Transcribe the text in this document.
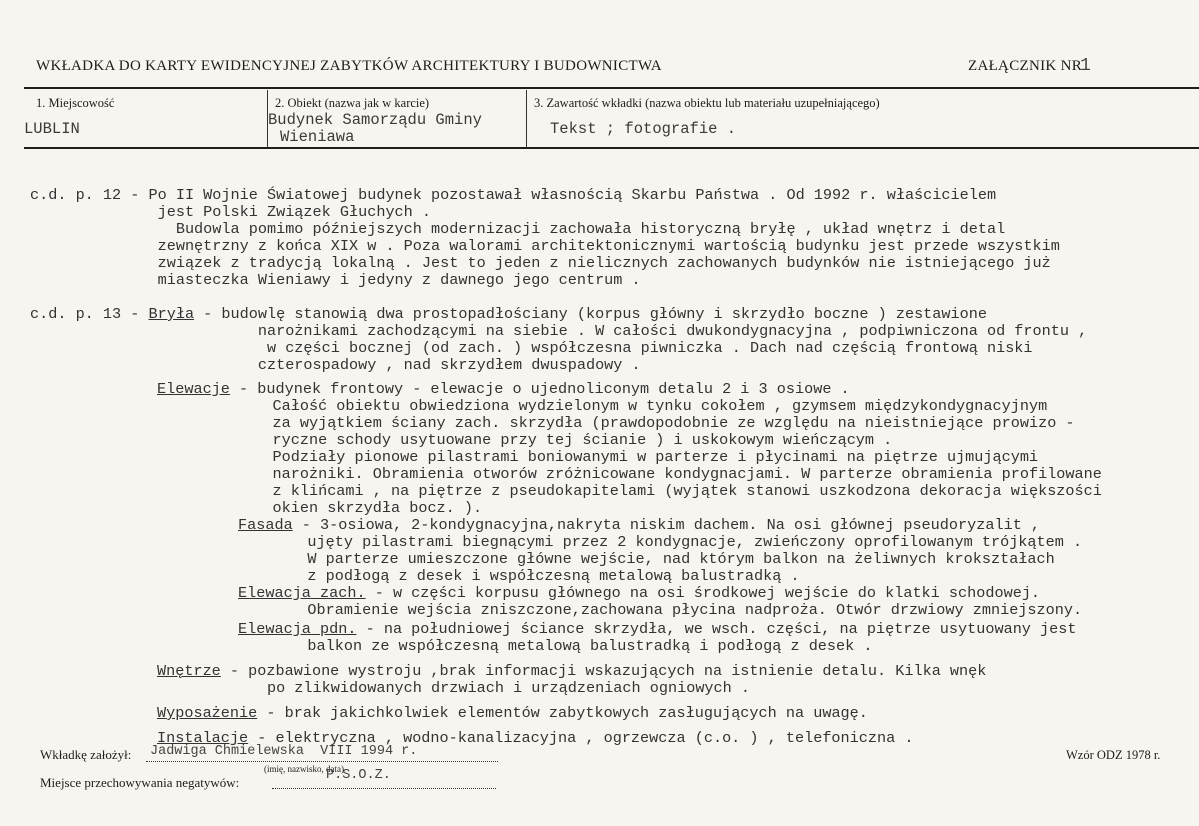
WKŁADKA DO KARTY EWIDENCYJNEJ ZABYTKÓW ARCHITEKTURY I BUDOWNICTWA	ZAŁĄCZNIK NR
1
1. Miejscowość
LUBLIN
2. Obiekt (nazwa jak w karcie)
Budynek Samorządu Gminy
Wieniawa
3. Zawartość wkładki (nazwa obiektu lub materiału uzupełniającego)
Tekst ; fotografie .

c.d. p. 12 - Po II Wojnie Światowej budynek pozostawał własnością Skarbu Państwa . Od 1992 r. właścicielem
jest Polski Związek Głuchych .
Budowla pomimo późniejszych modernizacji zachowała historyczną bryłę , układ wnętrz i detal
zewnętrzny z końca XIX w . Poza walorami architektonicznymi wartością budynku jest przede wszystkim
związek z tradycją lokalną . Jest to jeden z nielicznych zachowanych budynków nie istniejącego już
miasteczka Wieniawy i jedyny z dawnego jego centrum .

c.d. p. 13 - Bryła - budowlę stanowią dwa prostopadłościany (korpus główny i skrzydło boczne ) zestawione
narożnikami zachodzącymi na siebie . W całości dwukondygnacyjna , podpiwniczona od frontu ,
w części bocznej (od zach. ) współczesna piwniczka . Dach nad częścią frontową niski
czterospadowy , nad skrzydłem dwuspadowy .

Elewacje - budynek frontowy - elewacje o ujednoliconym detalu 2 i 3 osiowe .

Całość obiektu obwiedziona wydzielonym w tynku cokołem , gzymsem międzykondygnacyjnym
za wyjątkiem ściany zach. skrzydła (prawdopodobnie ze względu na nieistniejące prowizo -
ryczne schody usytuowane przy tej ścianie ) i uskokowym wieńczącym .
Podziały pionowe pilastrami boniowanymi w parterze i płycinami na piętrze ujmującymi
narożniki. Obramienia otworów zróżnicowane kondygnacjami. W parterze obramienia profilowane
z klińcami , na piętrze z pseudokapitelami (wyjątek stanowi uszkodzona dekoracja większości
okien skrzydła bocz. ).

Fasada - 3-osiowa, 2-kondygnacyjna,nakryta niskim dachem. Na osi głównej pseudoryzalit ,

ujęty pilastrami biegnącymi przez 2 kondygnacje, zwieńczony oprofilowanym trójkątem .
W parterze umieszczone główne wejście, nad którym balkon na żeliwnych krokształach
z podłogą z desek i współczesną metalową balustradką .

Elewacja zach. - w części korpusu głównego na osi środkowej wejście do klatki schodowej.

Obramienie wejścia zniszczone,zachowana płycina nadproża. Otwór drzwiowy zmniejszony.

Elewacja pdn. - na południowej ściance skrzydła, we wsch. części, na piętrze usytuowany jest

balkon ze współczesną metalową balustradką i podłogą z desek .

Wnętrze - pozbawione wystroju ,brak informacji wskazujących na istnienie detalu. Kilka wnęk

po zlikwidowanych drzwiach i urządzeniach ogniowych .

Wyposażenie - brak jakichkolwiek elementów zabytkowych zasługujących na uwagę.

Instalacje - elektryczna , wodno-kanalizacyjna , ogrzewcza (c.o. ) , telefoniczna .

Wkładkę założył: Jadwiga Chmielewska  VIII 1994 r.
(imię, nazwisko, data)
Miejsce przechowywania negatywów:	P.S.O.Z.
Wzór ODZ 1978 r.
